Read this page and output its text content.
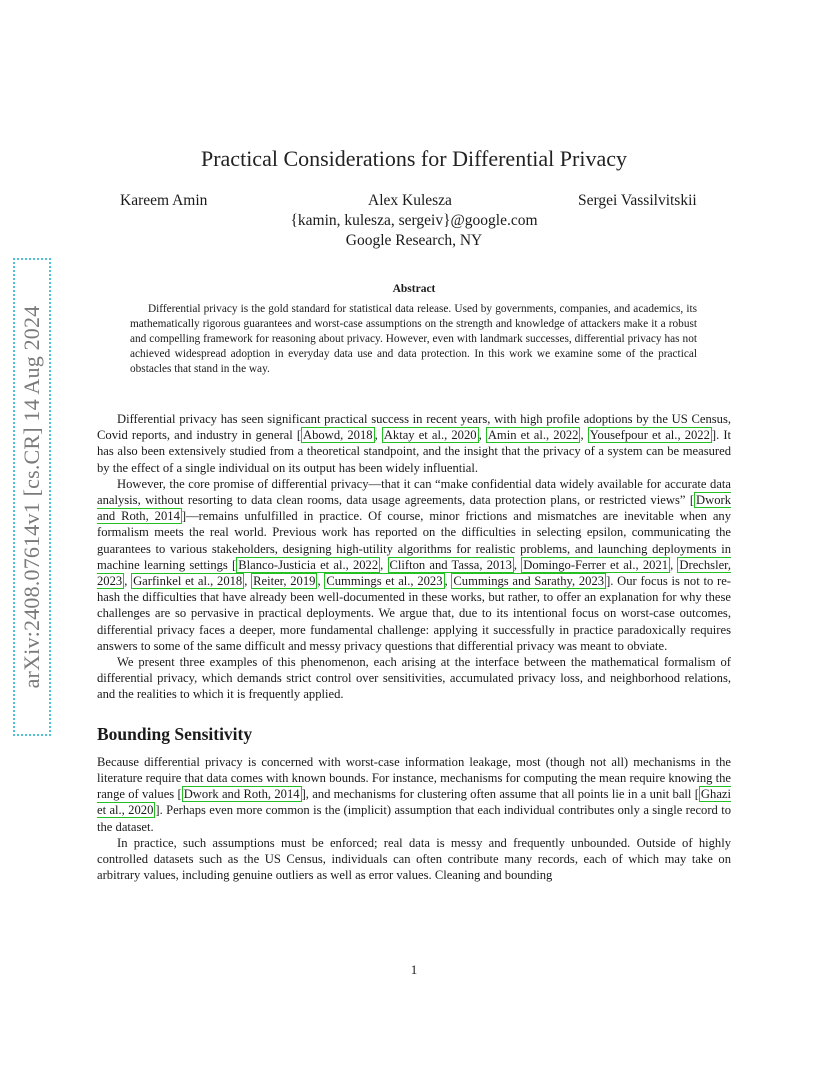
arXiv:2408.07614v1 [cs.CR] 14 Aug 2024
Practical Considerations for Differential Privacy
Kareem Amin	Alex Kulesza	Sergei Vassilvitskii
{kamin, kulesza, sergeiv}@google.com
Google Research, NY
Abstract

Differential privacy is the gold standard for statistical data release. Used by governments, companies, and academics, its mathematically rigorous guarantees and worst-case assumptions on the strength and knowledge of attackers make it a robust and compelling framework for reasoning about privacy. However, even with landmark successes, differential privacy has not achieved widespread adoption in everyday data use and data protection. In this work we examine some of the practical obstacles that stand in the way.

Differential privacy has seen significant practical success in recent years, with high profile adoptions by the US Census, Covid reports, and industry in general [ Abowd, 2018 , Aktay et al., 2020 , Amin et al., 2022 , Yousefpour et al., 2022 ]. It has also been extensively studied from a theoretical standpoint, and the insight that the privacy of a system can be measured by the effect of a single individual on its output has been widely influential.

However, the core promise of differential privacy—that it can “make confidential data widely available for accurate data analysis, without resorting to data clean rooms, data usage agreements, data protection plans, or restricted views” [ Dwork and Roth, 2014 ]—remains unfulfilled in practice. Of course, minor frictions and mismatches are inevitable when any formalism meets the real world. Previous work has reported on the difficulties in selecting epsilon, communicating the guarantees to various stakeholders, designing high-utility algorithms for realistic problems, and launching deployments in machine learning settings [ Blanco-Justicia et al., 2022 , Clifton and Tassa, 2013 , Domingo-Ferrer et al., 2021 , Drechsler, 2023 , Garfinkel et al., 2018 , Reiter, 2019 , Cummings et al., 2023 , Cummings and Sarathy, 2023 ]. Our focus is not to re-hash the difficulties that have already been well-documented in these works, but rather, to offer an explanation for why these challenges are so pervasive in practical deployments. We argue that, due to its intentional focus on worst-case outcomes, differential privacy faces a deeper, more fundamental challenge: applying it successfully in practice paradoxically requires answers to some of the same difficult and messy privacy questions that differential privacy was meant to obviate.

We present three examples of this phenomenon, each arising at the interface between the mathematical formalism of differential privacy, which demands strict control over sensitivities, accumulated privacy loss, and neighborhood relations, and the realities to which it is frequently applied.

Bounding Sensitivity

Because differential privacy is concerned with worst-case information leakage, most (though not all) mechanisms in the literature require that data comes with known bounds. For instance, mechanisms for computing the mean require knowing the range of values [ Dwork and Roth, 2014 ], and mechanisms for clustering often assume that all points lie in a unit ball [ Ghazi et al., 2020 ]. Perhaps even more common is the (implicit) assumption that each individual contributes only a single record to the dataset.

In practice, such assumptions must be enforced; real data is messy and frequently unbounded. Outside of highly controlled datasets such as the US Census, individuals can often contribute many records, each of which may take on arbitrary values, including genuine outliers as well as error values. Cleaning and bounding

1
